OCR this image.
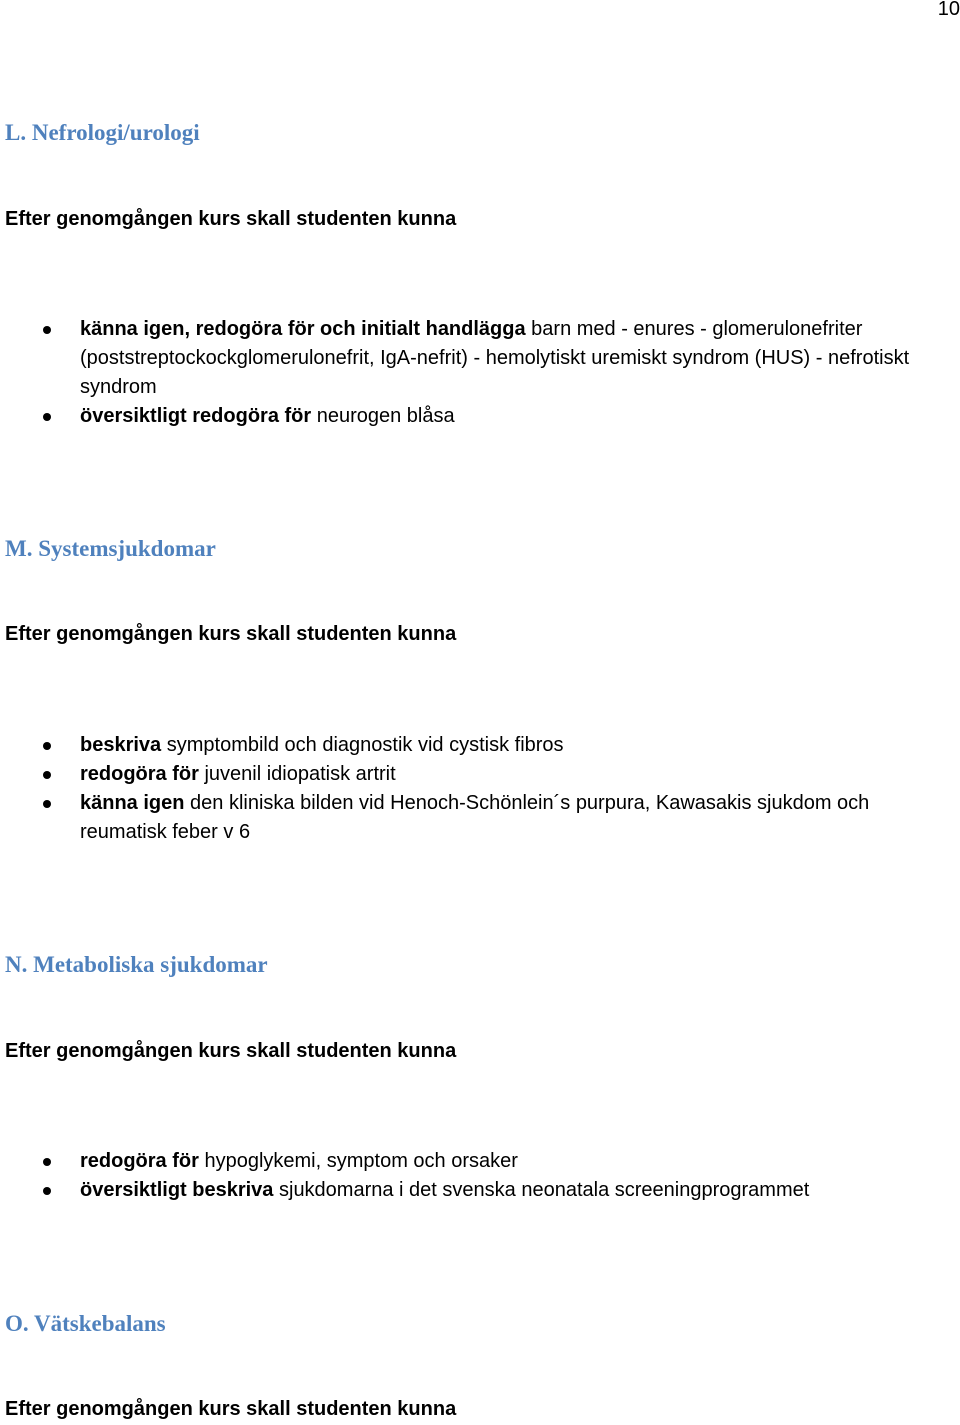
10
L. Nefrologi/urologi

Efter genomgången kurs skall studenten kunna

känna igen, redogöra för och initialt handlägga barn med - enures - glomerulonefriter (poststreptockockglomerulonefrit, IgA-nefrit) - hemolytiskt uremiskt syndrom (HUS) - nefrotiskt syndrom
översiktligt redogöra för neurogen blåsa
M. Systemsjukdomar

Efter genomgången kurs skall studenten kunna

beskriva symptombild och diagnostik vid cystisk fibros
redogöra för juvenil idiopatisk artrit
känna igen den kliniska bilden vid Henoch-Schönlein´s purpura, Kawasakis sjukdom och reumatisk feber v 6
N. Metaboliska sjukdomar

Efter genomgången kurs skall studenten kunna

redogöra för hypoglykemi, symptom och orsaker
översiktligt beskriva sjukdomarna i det svenska neonatala screeningprogrammet
O. Vätskebalans

Efter genomgången kurs skall studenten kunna
